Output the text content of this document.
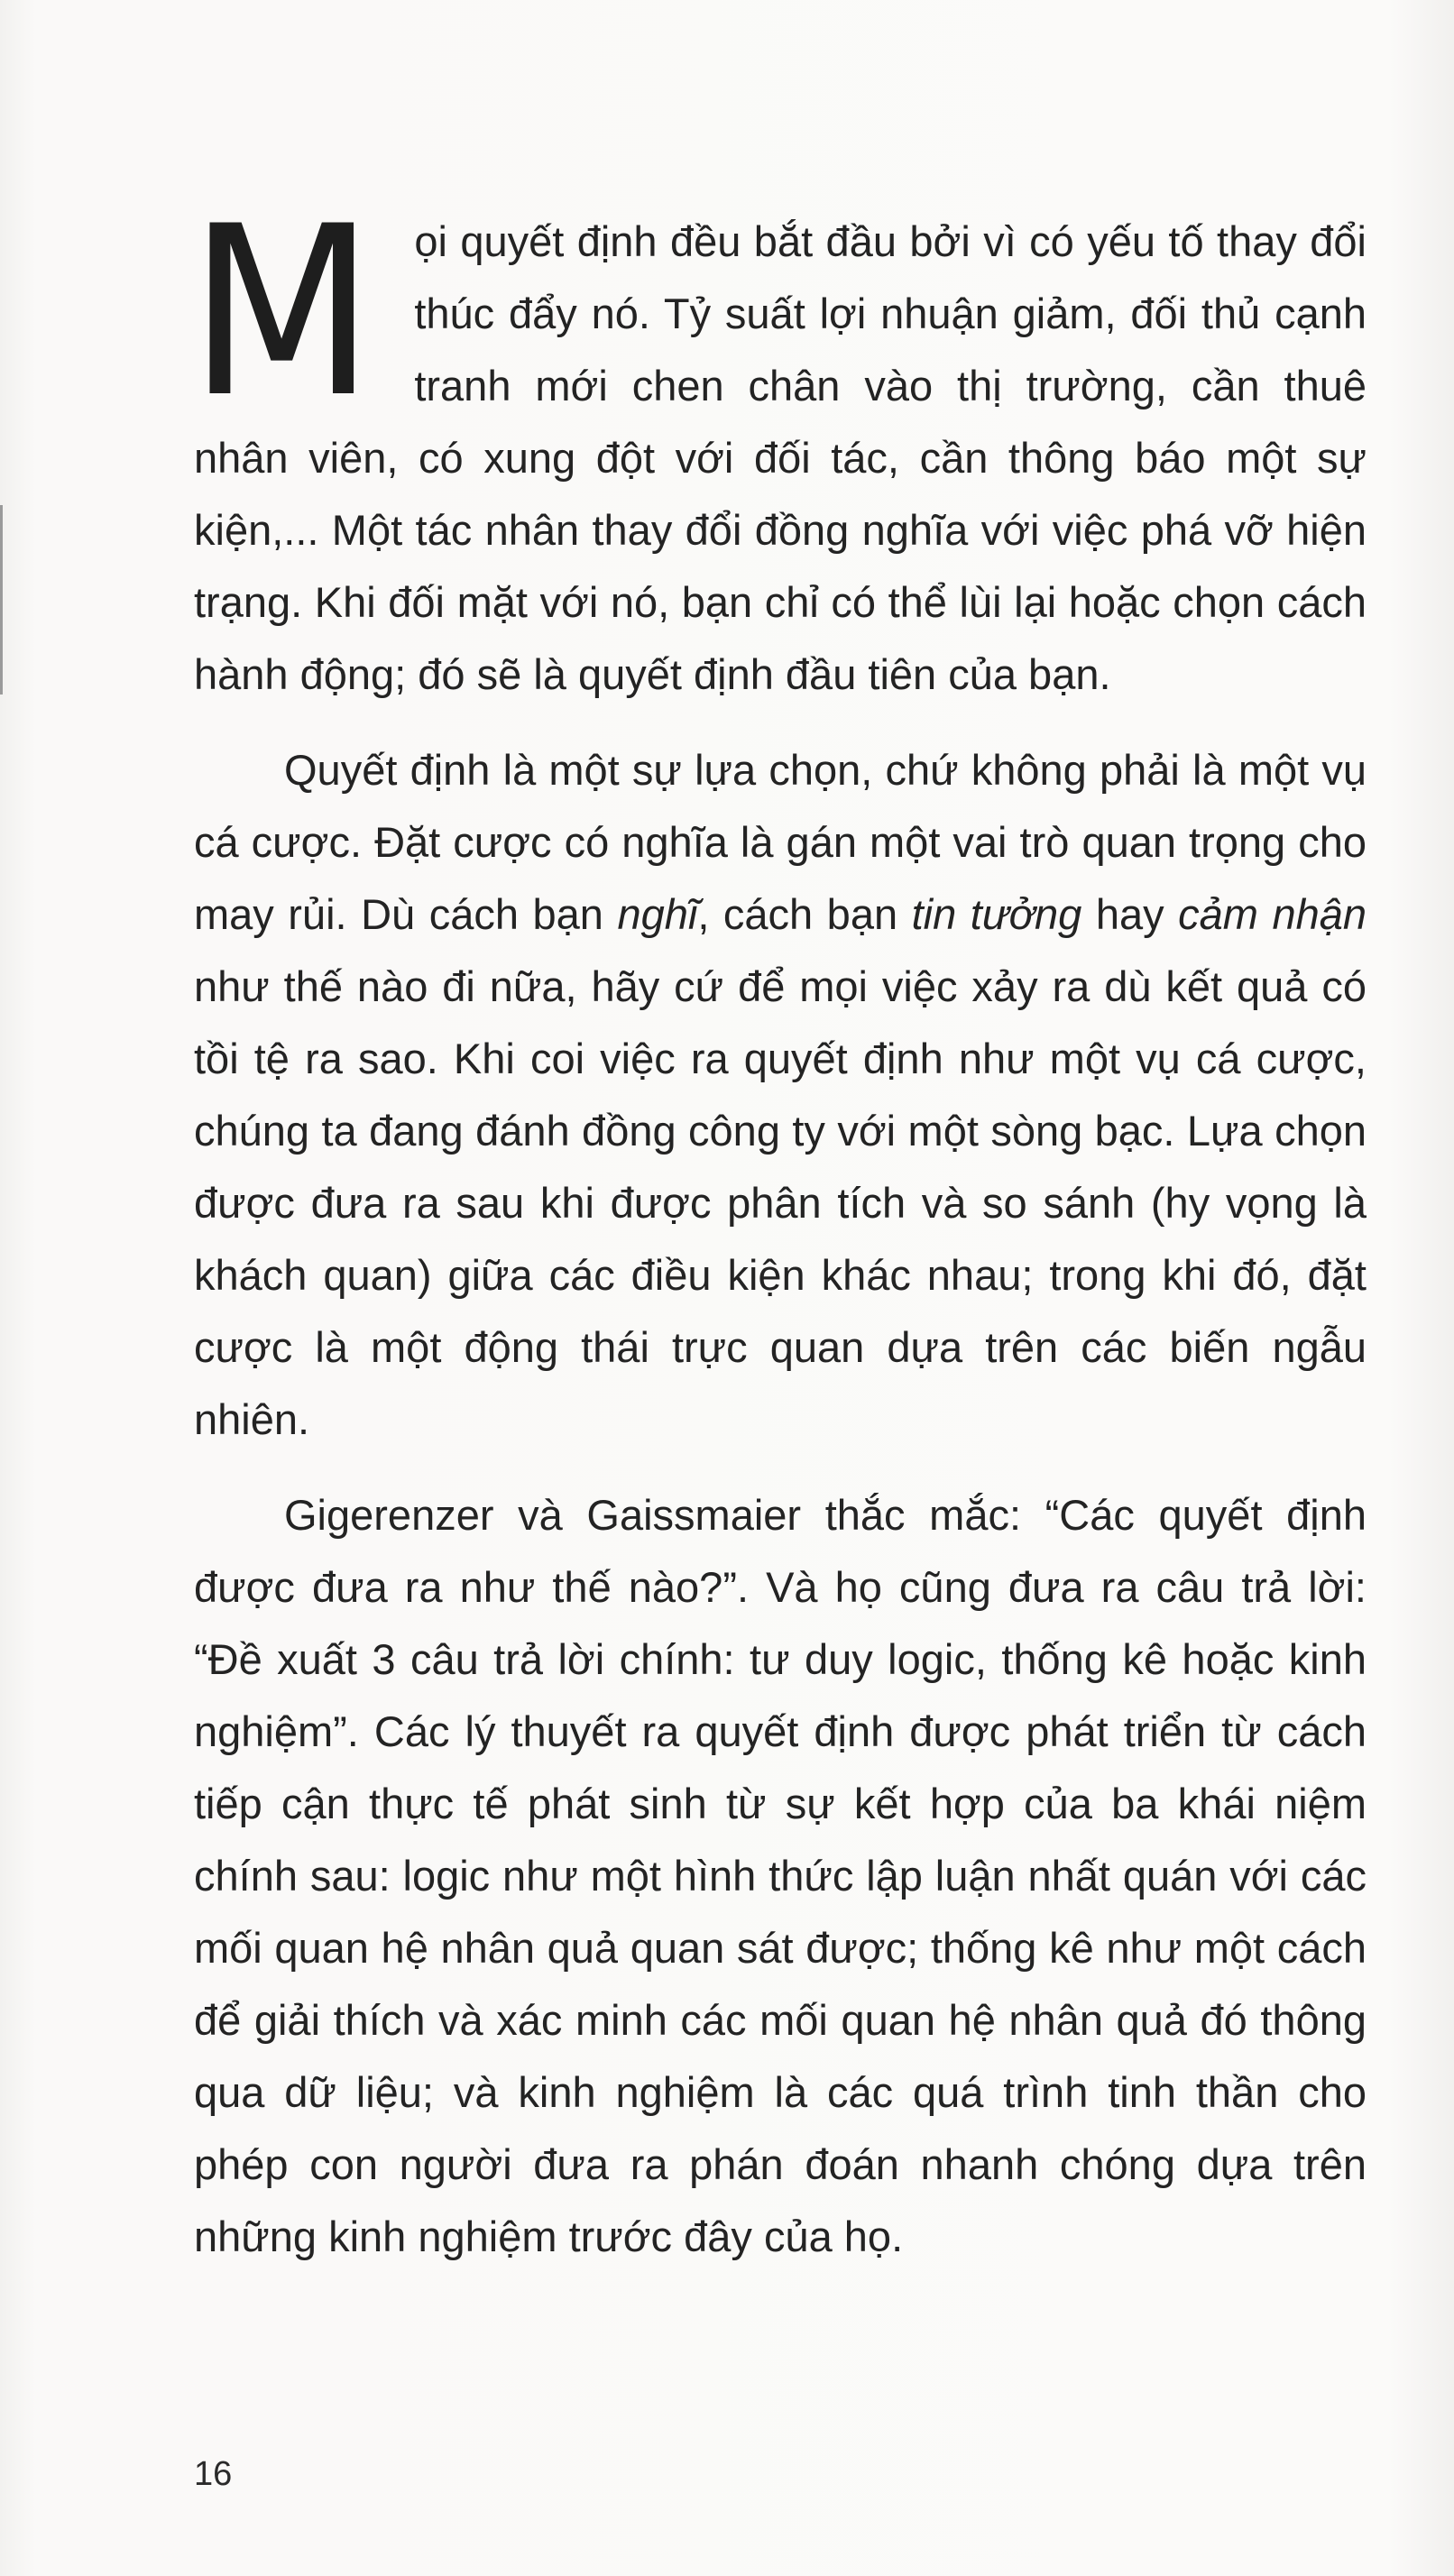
M ọi quyết định đều bắt đầu bởi vì có yếu tố thay đổi thúc đẩy nó. Tỷ suất lợi nhuận giảm, đối thủ cạnh tranh mới chen chân vào thị trường, cần thuê nhân viên, có xung đột với đối tác, cần thông báo một sự kiện,... Một tác nhân thay đổi đồng nghĩa với việc phá vỡ hiện trạng. Khi đối mặt với nó, bạn chỉ có thể lùi lại hoặc chọn cách hành động; đó sẽ là quyết định đầu tiên của bạn.

Quyết định là một sự lựa chọn, chứ không phải là một vụ cá cược. Đặt cược có nghĩa là gán một vai trò quan trọng cho may rủi. Dù cách bạn nghĩ, cách bạn tin tưởng hay cảm nhận như thế nào đi nữa, hãy cứ để mọi việc xảy ra dù kết quả có tồi tệ ra sao. Khi coi việc ra quyết định như một vụ cá cược, chúng ta đang đánh đồng công ty với một sòng bạc. Lựa chọn được đưa ra sau khi được phân tích và so sánh (hy vọng là khách quan) giữa các điều kiện khác nhau; trong khi đó, đặt cược là một động thái trực quan dựa trên các biến ngẫu nhiên.

Gigerenzer và Gaissmaier thắc mắc: “Các quyết định được đưa ra như thế nào?”. Và họ cũng đưa ra câu trả lời: “Đề xuất 3 câu trả lời chính: tư duy logic, thống kê hoặc kinh nghiệm”. Các lý thuyết ra quyết định được phát triển từ cách tiếp cận thực tế phát sinh từ sự kết hợp của ba khái niệm chính sau: logic như một hình thức lập luận nhất quán với các mối quan hệ nhân quả quan sát được; thống kê như một cách để giải thích và xác minh các mối quan hệ nhân quả đó thông qua dữ liệu; và kinh nghiệm là các quá trình tinh thần cho phép con người đưa ra phán đoán nhanh chóng dựa trên những kinh nghiệm trước đây của họ.

16
